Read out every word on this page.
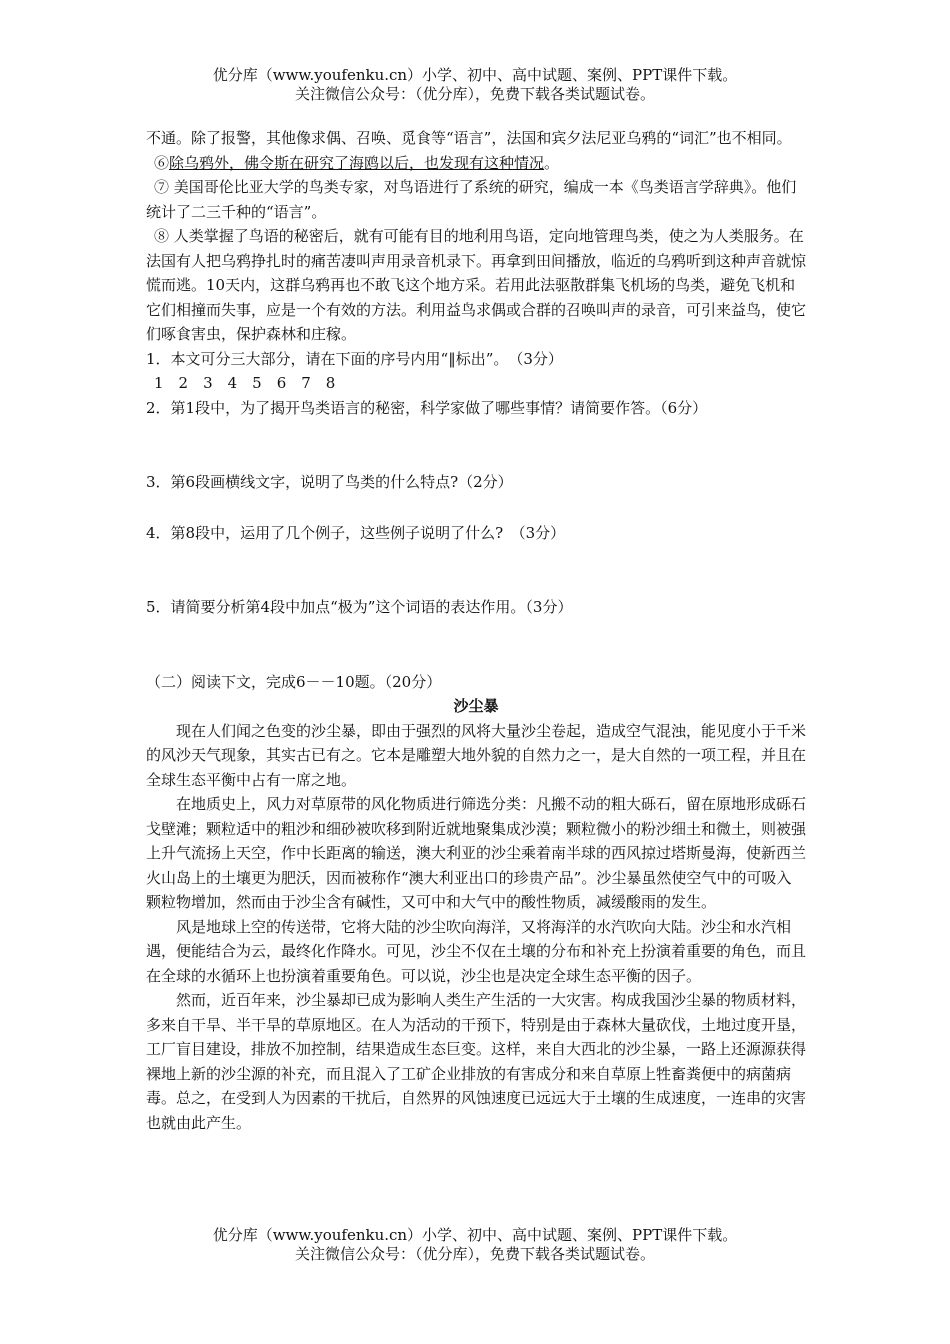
优分库（www.youfenku.cn）小学、初中、高中试题、案例、PPT课件下载。
关注微信公众号：（优分库），免费下载各类试题试卷。

不通。除了报警，其他像求偶、召唤、觅食等“语言”，法国和宾夕法尼亚乌鸦的“词汇”也不相同。

⑥除乌鸦外，佛令斯在研究了海鸥以后，也发现有这种情况。

⑦ 美国哥伦比亚大学的鸟类专家，对鸟语进行了系统的研究，编成一本《鸟类语言学辞典》。他们统计了二三千种的“语言”。

⑧ 人类掌握了鸟语的秘密后，就有可能有目的地利用鸟语，定向地管理鸟类，使之为人类服务。在法国有人把乌鸦挣扎时的痛苦凄叫声用录音机录下。再拿到田间播放，临近的乌鸦听到这种声音就惊慌而逃。10天内，这群乌鸦再也不敢飞这个地方采。若用此法驱散群集飞机场的鸟类，避免飞机和它们相撞而失事，应是一个有效的方法。利用益鸟求偶或合群的召唤叫声的录音，可引来益鸟，使它们啄食害虫，保护森林和庄稼。

1．本文可分三大部分，请在下面的序号内用“‖标出”。　（3分）

1　2　3　4　5　6　7　8

2．第1段中，为了揭开鸟类语言的秘密，科学家做了哪些事情？请简要作答。（6分）

3．第6段画横线文字，说明了鸟类的什么特点?（2分）

4．第8段中，运用了几个例子，这些例子说明了什么?　（3分）

5．请简要分析第4段中加点“极为”这个词语的表达作用。（3分）

（二）阅读下文，完成6－－10题。（20分）

沙尘暴

现在人们闻之色变的沙尘暴，即由于强烈的风将大量沙尘卷起，造成空气混浊，能见度小于千米的风沙天气现象，其实古已有之。它本是雕塑大地外貌的自然力之一，是大自然的一项工程，并且在全球生态平衡中占有一席之地。

在地质史上，风力对草原带的风化物质进行筛选分类：凡搬不动的粗大砾石，留在原地形成砾石戈壁滩；颗粒适中的粗沙和细砂被吹移到附近就地聚集成沙漠；颗粒微小的粉沙细土和微土，则被强上升气流扬上天空，作中长距离的输送，澳大利亚的沙尘乘着南半球的西风掠过塔斯曼海，使新西兰火山岛上的土壤更为肥沃，因而被称作“澳大利亚出口的珍贵产品”。沙尘暴虽然使空气中的可吸入颗粒物增加，然而由于沙尘含有碱性，又可中和大气中的酸性物质，减缓酸雨的发生。

风是地球上空的传送带，它将大陆的沙尘吹向海洋，又将海洋的水汽吹向大陆。沙尘和水汽相遇，便能结合为云，最终化作降水。可见，沙尘不仅在土壤的分布和补充上扮演着重要的角色，而且在全球的水循环上也扮演着重要角色。可以说，沙尘也是决定全球生态平衡的因子。

然而，近百年来，沙尘暴却已成为影响人类生产生活的一大灾害。构成我国沙尘暴的物质材料，多来自干旱、半干旱的草原地区。在人为活动的干预下，特别是由于森林大量砍伐，土地过度开垦，工厂盲目建设，排放不加控制，结果造成生态巨变。这样，来自大西北的沙尘暴，一路上还源源获得裸地上新的沙尘源的补充，而且混入了工矿企业排放的有害成分和来自草原上牲畜粪便中的病菌病毒。总之，在受到人为因素的干扰后，自然界的风蚀速度已远远大于土壤的生成速度，一连串的灾害也就由此产生。

优分库（www.youfenku.cn）小学、初中、高中试题、案例、PPT课件下载。
关注微信公众号：（优分库），免费下载各类试题试卷。
